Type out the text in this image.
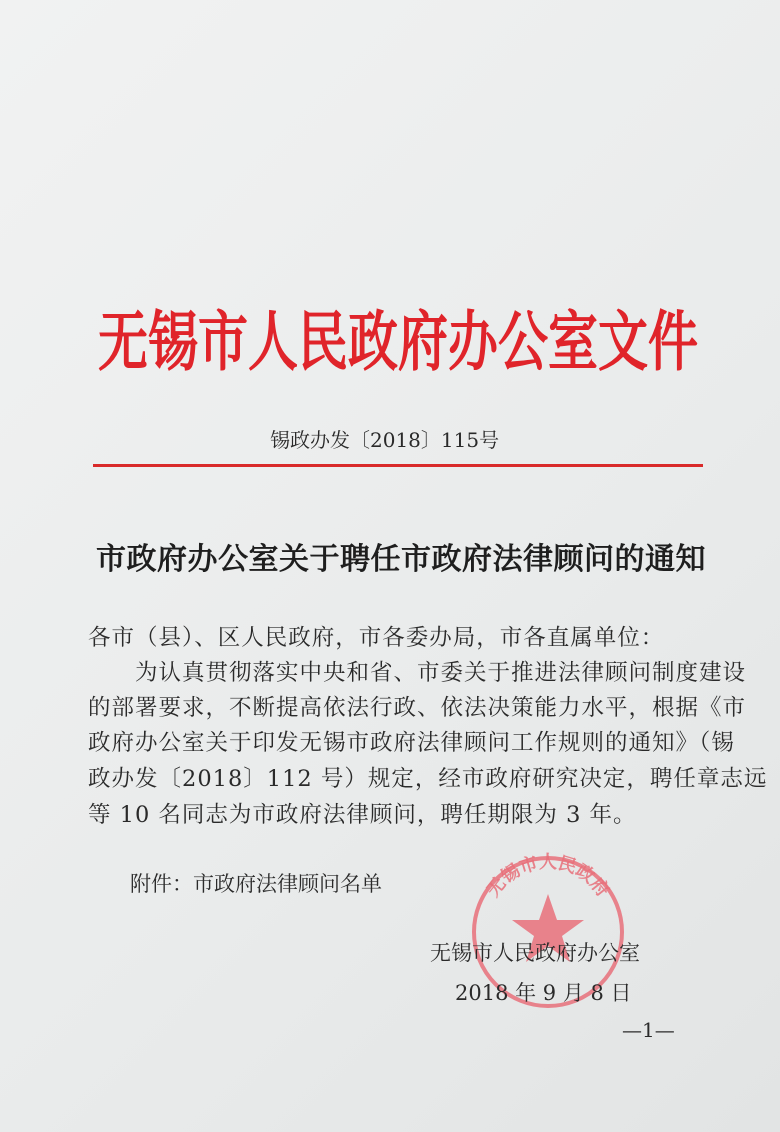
无锡市人民政府办公室文件
锡政办发〔2018〕115号
市政府办公室关于聘任市政府法律顾问的通知
各市（县）、区人民政府，市各委办局，市各直属单位：
　　为认真贯彻落实中央和省、市委关于推进法律顾问制度建设
的部署要求，不断提高依法行政、依法决策能力水平，根据《市
政府办公室关于印发无锡市政府法律顾问工作规则的通知》（锡
政办发〔2018〕112 号）规定，经市政府研究决定，聘任章志远
等 10 名同志为市政府法律顾问，聘任期限为 3 年。
附件：市政府法律顾问名单	无锡市人民政府
无锡市人民政府办公室
2018 年 9 月 8 日
—1—
